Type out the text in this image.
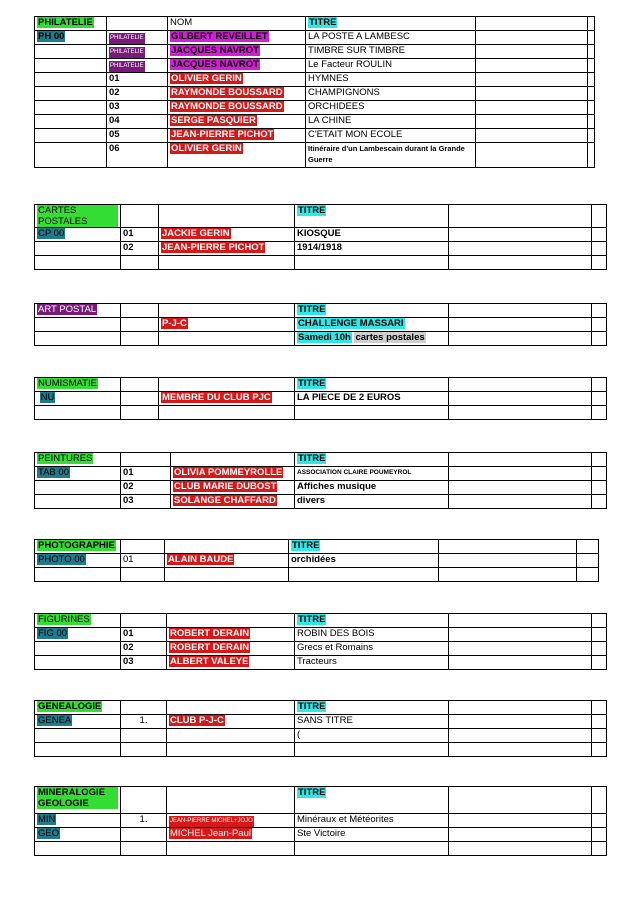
PHILATELIE		NOM	TITRE		
PH 00	PHILATELIE	GILBERT REVEILLET	LA POSTE A LAMBESC		
	PHILATELIE	JACQUES NAVROT	TIMBRE SUR TIMBRE		
	PHILATELIE	JACQUES NAVROT	Le Facteur ROULIN		
	01	OLIVIER GERIN	HYMNES		
	02	RAYMONDE BOUSSARD	CHAMPIGNONS		
	03	RAYMONDE BOUSSARD	ORCHIDEES		
	04	SERGE PASQUIER	LA CHINE		
	05	JEAN-PIERRE PICHOT	C'ETAIT MON ECOLE		
	06	OLIVIER GERIN	Itinéraire d'un Lambescain durant la Grande Guerre		
CARTES POSTALES			TITRE		
CP 00	01	JACKIE GERIN	KIOSQUE		
	02	JEAN-PIERRE PICHOT	1914/1918		

ART POSTAL			TITRE		
		P-J-C	CHALLENGE MASSARI		
			Samedi 10h cartes postales		
NUMISMATIE			TITRE		
NU		MEMBRE DU CLUB PJC	LA PIECE DE 2 EUROS		

PEINTURES			TITRE		
TAB 00	01	OLIVIA POMMEYROLLE	ASSOCIATION CLAIRE POUMEYROL		
	02	CLUB MARIE DUBOST	Affiches musique		
	03	SOLANGE CHAFFARD	divers		
PHOTOGRAPHIE			TITRE		
PHOTO 00	01	ALAIN BAUDE	orchidées		

FIGURINES			TITRE		
FIG 00	01	ROBERT DERAIN	ROBIN DES BOIS		
	02	ROBERT DERAIN	Grecs et Romains		
	03	ALBERT VALEYE	Tracteurs		
GENEALOGIE			TITRE		
GENEA	1.	CLUB P-J-C	SANS TITRE		
			(		

MINERALOGIE GEOLOGIE			TITRE		
MIN	1.	JEAN-PIERRE MICHEL+JOJO	Minéraux et Météorites		
GEO		MICHEL Jean-Paul	Ste Victoire		
